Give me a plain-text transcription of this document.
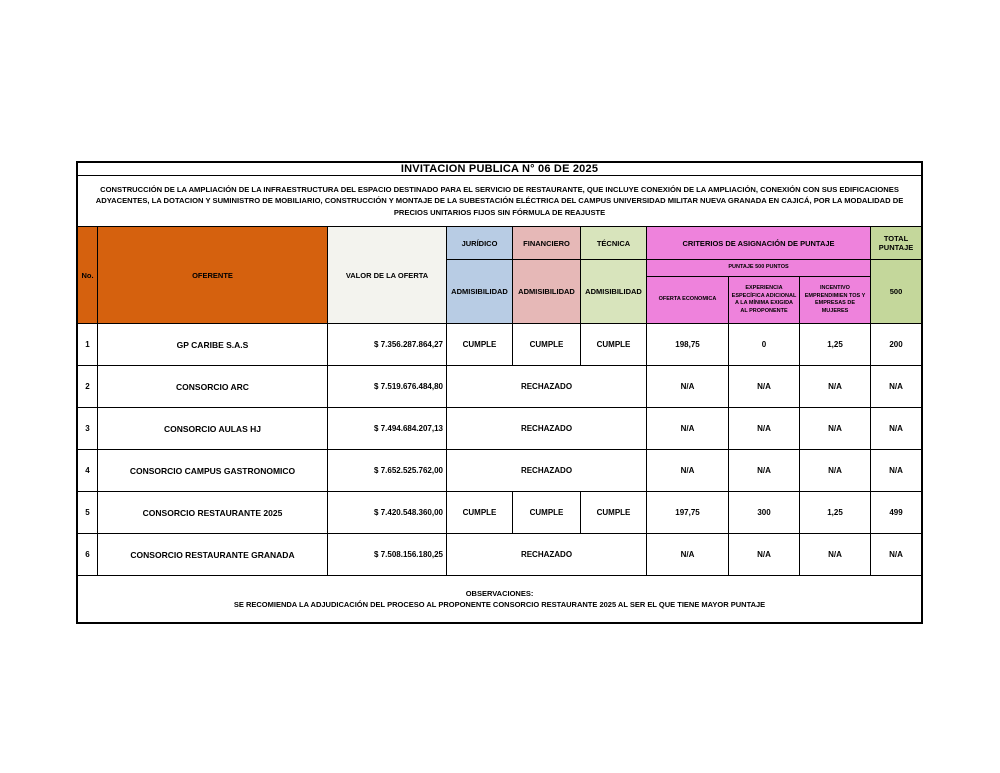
INVITACION PUBLICA N° 06 DE 2025									
CONSTRUCCIÓN DE LA AMPLIACIÓN DE LA INFRAESTRUCTURA DEL ESPACIO DESTINADO PARA EL SERVICIO DE RESTAURANTE, QUE INCLUYE CONEXIÓN DE LA AMPLIACIÓN, CONEXIÓN CON SUS EDIFICACIONES ADYACENTES, LA DOTACION Y SUMINISTRO DE MOBILIARIO, CONSTRUCCIÓN Y MONTAJE DE LA SUBESTACIÓN ELÉCTRICA DEL CAMPUS UNIVERSIDAD MILITAR NUEVA GRANADA EN CAJICÁ, POR LA MODALIDAD DE PRECIOS UNITARIOS FIJOS SIN FÓRMULA DE REAJUSTE									
No.	OFERENTE	VALOR DE LA OFERTA	JURÍDICO	FINANCIERO	TÉCNICA	CRITERIOS DE ASIGNACIÓN DE PUNTAJE			TOTAL PUNTAJE
			ADMISIBILIDAD	ADMISIBILIDAD	ADMISIBILIDAD	PUNTAJE 500 PUNTOS			500
						OFERTA ECONOMICA	EXPERIENCIA ESPECÍFICA ADICIONAL A LA MÍNIMA EXIGIDA AL PROPONENTE	INCENTIVO EMPRENDIMIEN TOS Y EMPRESAS DE MUJERES	
1	GP CARIBE S.A.S	$ 7.356.287.864,27	CUMPLE	CUMPLE	CUMPLE	198,75	0	1,25	200
2	CONSORCIO ARC	$ 7.519.676.484,80	RECHAZADO			N/A	N/A	N/A	N/A
3	CONSORCIO AULAS HJ	$ 7.494.684.207,13	RECHAZADO			N/A	N/A	N/A	N/A
4	CONSORCIO CAMPUS GASTRONOMICO	$ 7.652.525.762,00	RECHAZADO			N/A	N/A	N/A	N/A
5	CONSORCIO RESTAURANTE 2025	$ 7.420.548.360,00	CUMPLE	CUMPLE	CUMPLE	197,75	300	1,25	499
6	CONSORCIO RESTAURANTE GRANADA	$ 7.508.156.180,25	RECHAZADO			N/A	N/A	N/A	N/A

OBSERVACIONES:
SE RECOMIENDA LA ADJUDICACIÓN DEL PROCESO AL PROPONENTE CONSORCIO RESTAURANTE 2025 AL SER EL QUE TIENE MAYOR PUNTAJE									
